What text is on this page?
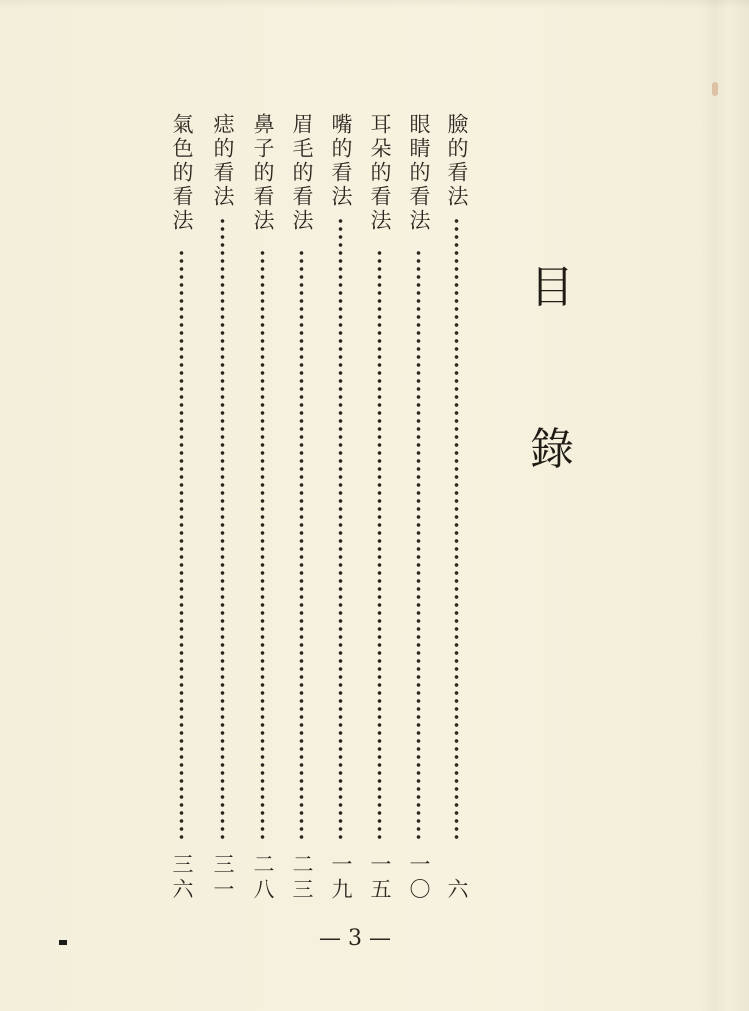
目
錄
臉的看法
六
眼睛的看法
一〇
耳朵的看法
一五
嘴的看法
一九
眉毛的看法
二三
鼻子的看法
二八
痣的看法
三一
氣色的看法
三六
— 3 —
